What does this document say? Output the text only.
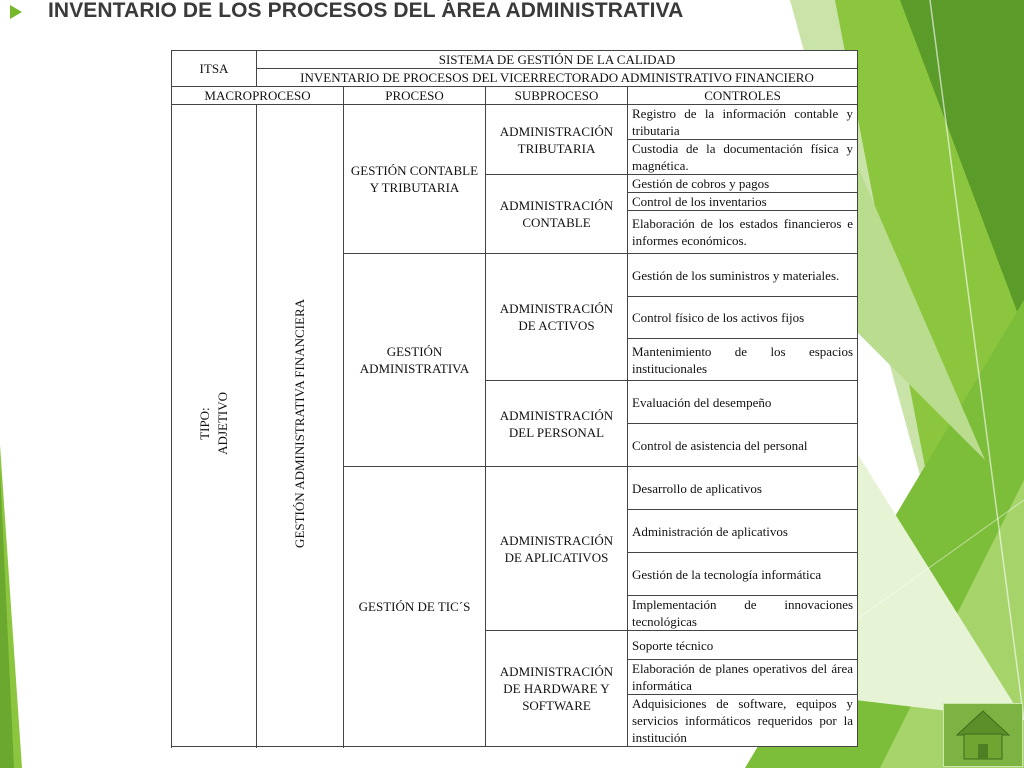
INVENTARIO DE LOS PROCESOS DEL ÁREA ADMINISTRATIVA
ITSA	SISTEMA DE GESTIÓN DE LA CALIDAD			
	INVENTARIO DE PROCESOS DEL VICERRECTORADO ADMINISTRATIVO FINANCIERO			
MACROPROCESO		PROCESO	SUBPROCESO	CONTROLES

TIPO: ADJETIVO	GESTIÓN ADMINISTRATIVA FINANCIERA	GESTIÓN CONTABLE Y TRIBUTARIA	ADMINISTRACIÓN TRIBUTARIA	Registro de la información contable y tributaria
				Custodia de la documentación física y magnética.
			ADMINISTRACIÓN CONTABLE	Gestión de cobros y pagos
				Control de los inventarios
				Elaboración de los estados financieros e informes económicos.
		GESTIÓN ADMINISTRATIVA	ADMINISTRACIÓN DE ACTIVOS	Gestión de los suministros y materiales.
				Control físico de los activos fijos
				Mantenimiento de los espacios institucionales
			ADMINISTRACIÓN DEL PERSONAL	Evaluación del desempeño
				Control de asistencia del personal
		GESTIÓN DE TIC´S	ADMINISTRACIÓN DE APLICATIVOS	Desarrollo de aplicativos
				Administración de aplicativos
				Gestión de la tecnología informática
				Implementación de innovaciones tecnológicas
			ADMINISTRACIÓN DE HARDWARE Y SOFTWARE	Soporte técnico
				Elaboración de planes operativos del área informática
				Adquisiciones de software, equipos y servicios informáticos requeridos por la institución
